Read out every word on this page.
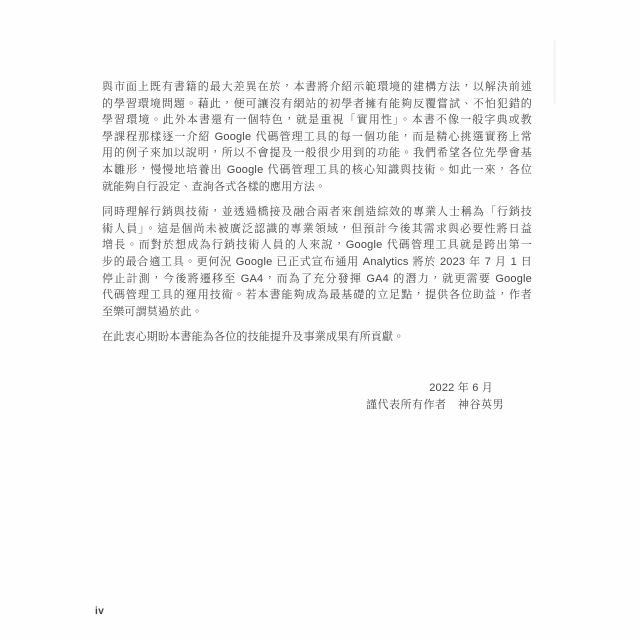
與市面上既有書籍的最大差異在於，本書將介紹示範環境的建構方法，以解決前述
的學習環境問題。藉此，便可讓沒有網站的初學者擁有能夠反覆嘗試、不怕犯錯的
學習環境。此外本書還有一個特色，就是重視「實用性」。本書不像一般字典或教
學課程那樣逐一介紹 Google 代碼管理工具的每一個功能，而是精心挑選實務上常
用的例子來加以說明，所以不會提及一般很少用到的功能。我們希望各位先學會基
本雛形，慢慢地培養出 Google 代碼管理工具的核心知識與技術。如此一來，各位
就能夠自行設定、查詢各式各樣的應用方法。
同時理解行銷與技術，並透過橋接及融合兩者來創造綜效的專業人士稱為「行銷技
術人員」。這是個尚未被廣泛認識的專業領域，但預計今後其需求與必要性將日益
增長。而對於想成為行銷技術人員的人來說，Google 代碼管理工具就是跨出第一
步的最合適工具。更何況 Google 已正式宣布通用 Analytics 將於 2023 年 7 月 1 日
停止計測，今後將遷移至 GA4，而為了充分發揮 GA4 的潛力，就更需要 Google
代碼管理工具的運用技術。若本書能夠成為最基礎的立足點，提供各位助益，作者
至樂可謂莫過於此。
在此衷心期盼本書能為各位的技能提升及事業成果有所貢獻。
2022 年 6 月
謹代表所有作者　神谷英男
iv
